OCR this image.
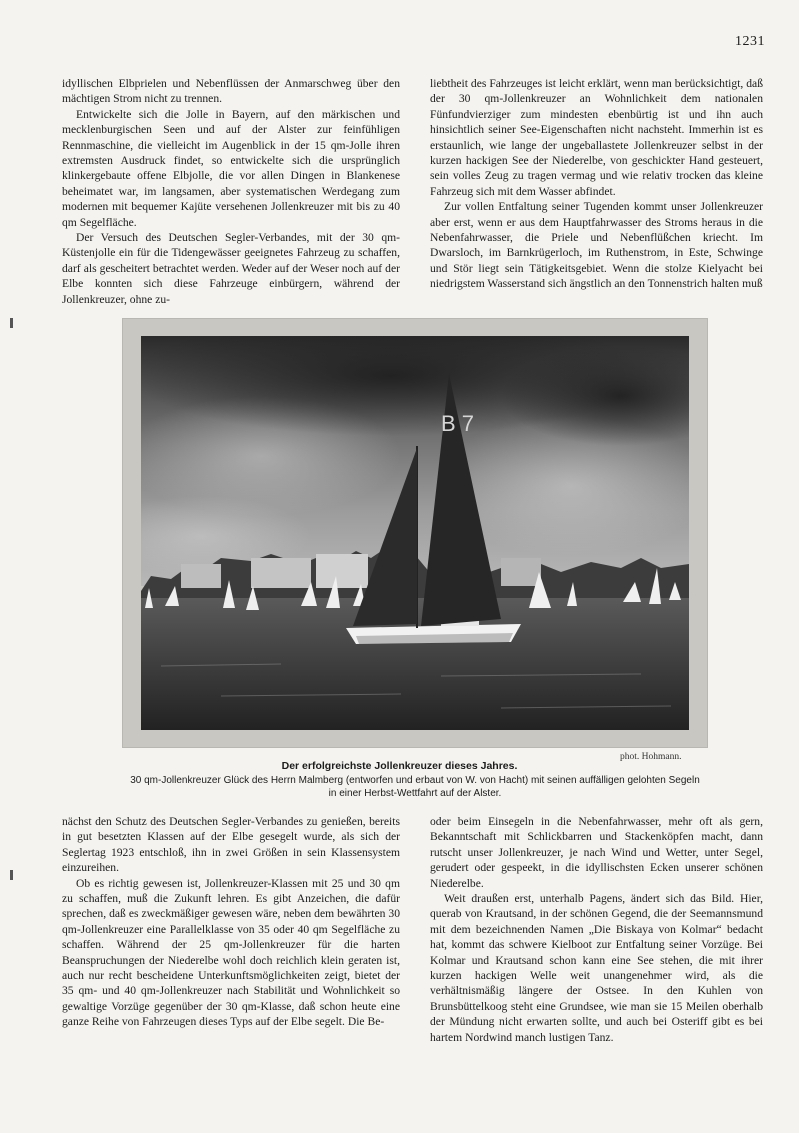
1231

idyllischen Elbprielen und Nebenflüssen der Anmarschweg über den mächtigen Strom nicht zu trennen.

Entwickelte sich die Jolle in Bayern, auf den märkischen und mecklenburgischen Seen und auf der Alster zur feinfühligen Rennmaschine, die vielleicht im Augenblick in der 15 qm-Jolle ihren extremsten Ausdruck findet, so entwickelte sich die ursprünglich klinkergebaute offene Elbjolle, die vor allen Dingen in Blankenese beheimatet war, im langsamen, aber systematischen Werdegang zum modernen mit bequemer Kajüte versehenen Jollenkreuzer mit bis zu 40 qm Segelfläche.

Der Versuch des Deutschen Segler-Verbandes, mit der 30 qm-Küstenjolle ein für die Tidengewässer geeignetes Fahrzeug zu schaffen, darf als gescheitert betrachtet werden. Weder auf der Weser noch auf der Elbe konnten sich diese Fahrzeuge einbürgern, während der Jollenkreuzer, ohne zu-

liebtheit des Fahrzeuges ist leicht erklärt, wenn man berücksichtigt, daß der 30 qm-Jollenkreuzer an Wohnlichkeit dem nationalen Fünfundvierziger zum mindesten ebenbürtig ist und ihn auch hinsichtlich seiner See-Eigenschaften nicht nachsteht. Immerhin ist es erstaunlich, wie lange der ungeballastete Jollenkreuzer selbst in der kurzen hackigen See der Niederelbe, von geschickter Hand gesteuert, sein volles Zeug zu tragen vermag und wie relativ trocken das kleine Fahrzeug sich mit dem Wasser abfindet.

Zur vollen Entfaltung seiner Tugenden kommt unser Jollenkreuzer aber erst, wenn er aus dem Hauptfahrwasser des Stroms heraus in die Nebenfahrwasser, die Priele und Nebenflüßchen kriecht. Im Dwarsloch, im Barnkrügerloch, im Ruthenstrom, in Este, Schwinge und Stör liegt sein Tätigkeitsgebiet. Wenn die stolze Kielyacht bei niedrigstem Wasserstand sich ängstlich an den Tonnenstrich halten muß

B 7
phot. Hohmann.
Der erfolgreichste Jollenkreuzer dieses Jahres.
30 qm-Jollenkreuzer Glück des Herrn Malmberg (entworfen und erbaut von W. von Hacht) mit seinen auffälligen gelohten Segeln in einer Herbst-Wettfahrt auf der Alster.

nächst den Schutz des Deutschen Segler-Verbandes zu genießen, bereits in gut besetzten Klassen auf der Elbe gesegelt wurde, als sich der Seglertag 1923 entschloß, ihn in zwei Größen in sein Klassensystem einzureihen.

Ob es richtig gewesen ist, Jollenkreuzer-Klassen mit 25 und 30 qm zu schaffen, muß die Zukunft lehren. Es gibt Anzeichen, die dafür sprechen, daß es zweckmäßiger gewesen wäre, neben dem bewährten 30 qm-Jollenkreuzer eine Parallelklasse von 35 oder 40 qm Segelfläche zu schaffen. Während der 25 qm-Jollenkreuzer für die harten Beanspruchungen der Niederelbe wohl doch reichlich klein geraten ist, auch nur recht bescheidene Unterkunftsmöglichkeiten zeigt, bietet der 35 qm- und 40 qm-Jollenkreuzer nach Stabilität und Wohnlichkeit so gewaltige Vorzüge gegenüber der 30 qm-Klasse, daß schon heute eine ganze Reihe von Fahrzeugen dieses Typs auf der Elbe segelt. Die Be-

oder beim Einsegeln in die Nebenfahrwasser, mehr oft als gern, Bekanntschaft mit Schlickbarren und Stackenköpfen macht, dann rutscht unser Jollenkreuzer, je nach Wind und Wetter, unter Segel, gerudert oder gespeekt, in die idyllischsten Ecken unserer schönen Niederelbe.

Weit draußen erst, unterhalb Pagens, ändert sich das Bild. Hier, querab von Krautsand, in der schönen Gegend, die der Seemannsmund mit dem bezeichnenden Namen „Die Biskaya von Kolmar“ bedacht hat, kommt das schwere Kielboot zur Entfaltung seiner Vorzüge. Bei Kolmar und Krautsand schon kann eine See stehen, die mit ihrer kurzen hackigen Welle weit unangenehmer wird, als die verhältnismäßig längere der Ostsee. In den Kuhlen von Brunsbüttelkoog steht eine Grundsee, wie man sie 15 Meilen oberhalb der Mündung nicht erwarten sollte, und auch bei Osteriff gibt es bei hartem Nordwind manch lustigen Tanz.
